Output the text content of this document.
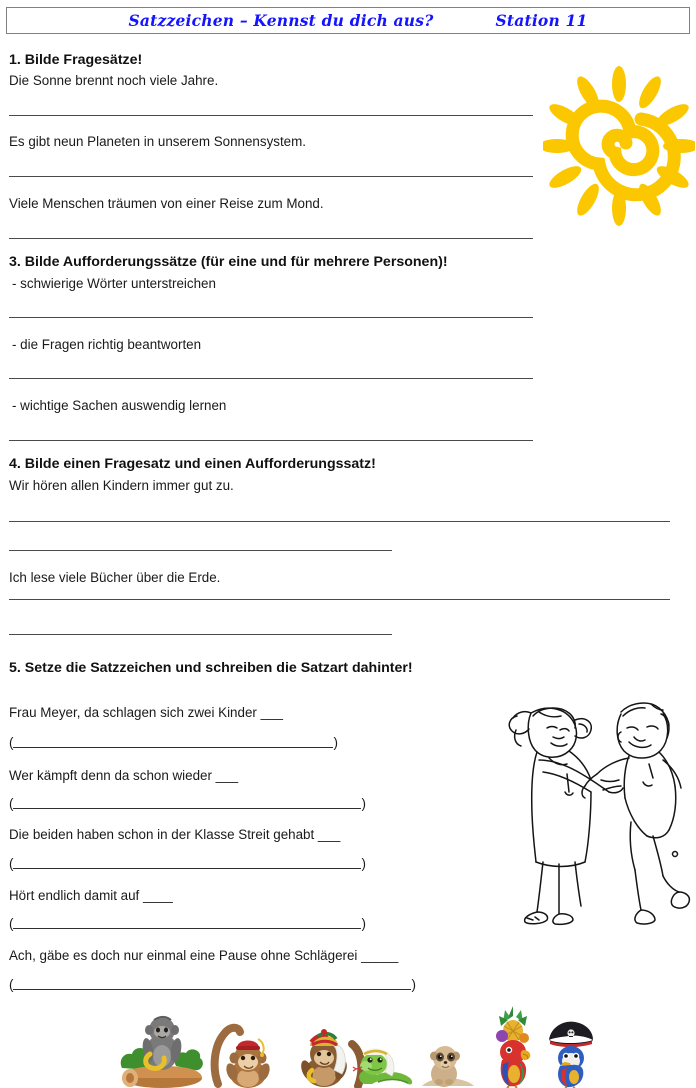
Satzzeichen – Kennst du dich aus?	Station 11
1. Bilde Fragesätze!
Die Sonne brennt noch viele Jahre.
Es gibt neun Planeten in unserem Sonnensystem.
Viele Menschen träumen von einer Reise zum Mond.
3. Bilde Aufforderungssätze (für eine und für mehrere Personen)!
- schwierige Wörter unterstreichen
- die Fragen richtig beantworten
- wichtige Sachen auswendig lernen
4. Bilde einen Fragesatz und einen Aufforderungssatz!
Wir hören allen Kindern immer gut zu.
Ich lese viele Bücher über die Erde.
5. Setze die Satzzeichen und schreiben die Satzart dahinter!
Frau Meyer, da schlagen sich zwei Kinder ___
(	)
Wer kämpft denn da schon wieder ___
(	)
Die beiden haben schon in der Klasse Streit gehabt ___
(	)
Hört endlich damit auf ____
(	)
Ach, gäbe es doch nur einmal eine Pause ohne Schlägerei _____
(	)
